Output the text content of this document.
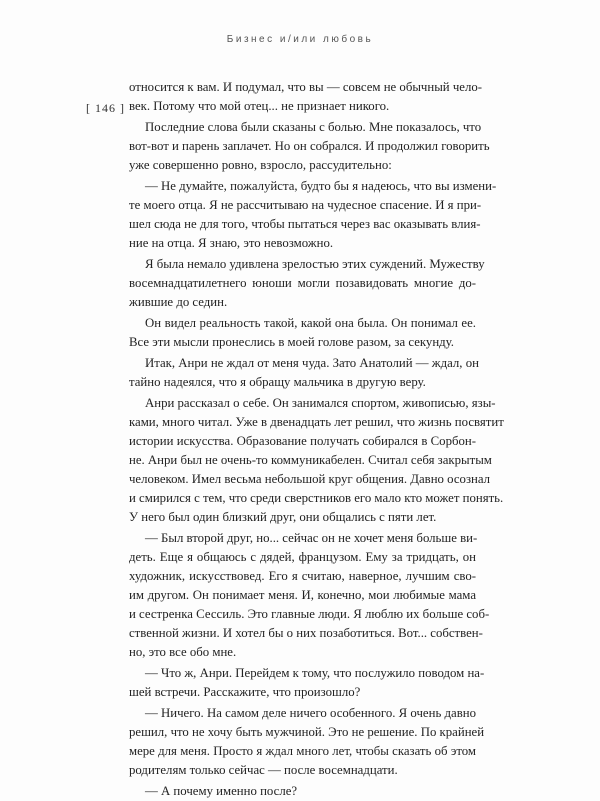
Бизнес и/или любовь
[ 146 ]
относится к вам. И подумал, что вы — совсем не обычный чело-
век. Потому что мой отец... не признает никого.
Последние слова были сказаны с болью. Мне показалось, что
вот-вот и парень заплачет. Но он собрался. И продолжил говорить
уже совершенно ровно, взросло, рассудительно:
— Не думайте, пожалуйста, будто бы я надеюсь, что вы измени-
те моего отца. Я не рассчитываю на чудесное спасение. И я при-
шел сюда не для того, чтобы пытаться через вас оказывать влия-
ние на отца. Я знаю, это невозможно.
Я была немало удивлена зрелостью этих суждений. Мужеству
восемнадцатилетнего юноши могли позавидовать многие до-
жившие до седин.
Он видел реальность такой, какой она была. Он понимал ее.
Все эти мысли пронеслись в моей голове разом, за секунду.
Итак, Анри не ждал от меня чуда. Зато Анатолий — ждал, он
тайно надеялся, что я обращу мальчика в другую веру.
Анри рассказал о себе. Он занимался спортом, живописью, язы-
ками, много читал. Уже в двенадцать лет решил, что жизнь посвятит
истории искусства. Образование получать собирался в Сорбон-
не. Анри был не очень-то коммуникабелен. Считал себя закрытым
человеком. Имел весьма небольшой круг общения. Давно осознал
и смирился с тем, что среди сверстников его мало кто может понять.
У него был один близкий друг, они общались с пяти лет.
— Был второй друг, но... сейчас он не хочет меня больше ви-
деть. Еще я общаюсь с дядей, французом. Ему за тридцать, он
художник, искусствовед. Его я считаю, наверное, лучшим сво-
им другом. Он понимает меня. И, конечно, мои любимые мама
и сестренка Сессиль. Это главные люди. Я люблю их больше соб-
ственной жизни. И хотел бы о них позаботиться. Вот... собствен-
но, это все обо мне.
— Что ж, Анри. Перейдем к тому, что послужило поводом на-
шей встречи. Расскажите, что произошло?
— Ничего. На самом деле ничего особенного. Я очень давно
решил, что не хочу быть мужчиной. Это не решение. По крайней
мере для меня. Просто я ждал много лет, чтобы сказать об этом
родителям только сейчас — после восемнадцати.
— А почему именно после?
